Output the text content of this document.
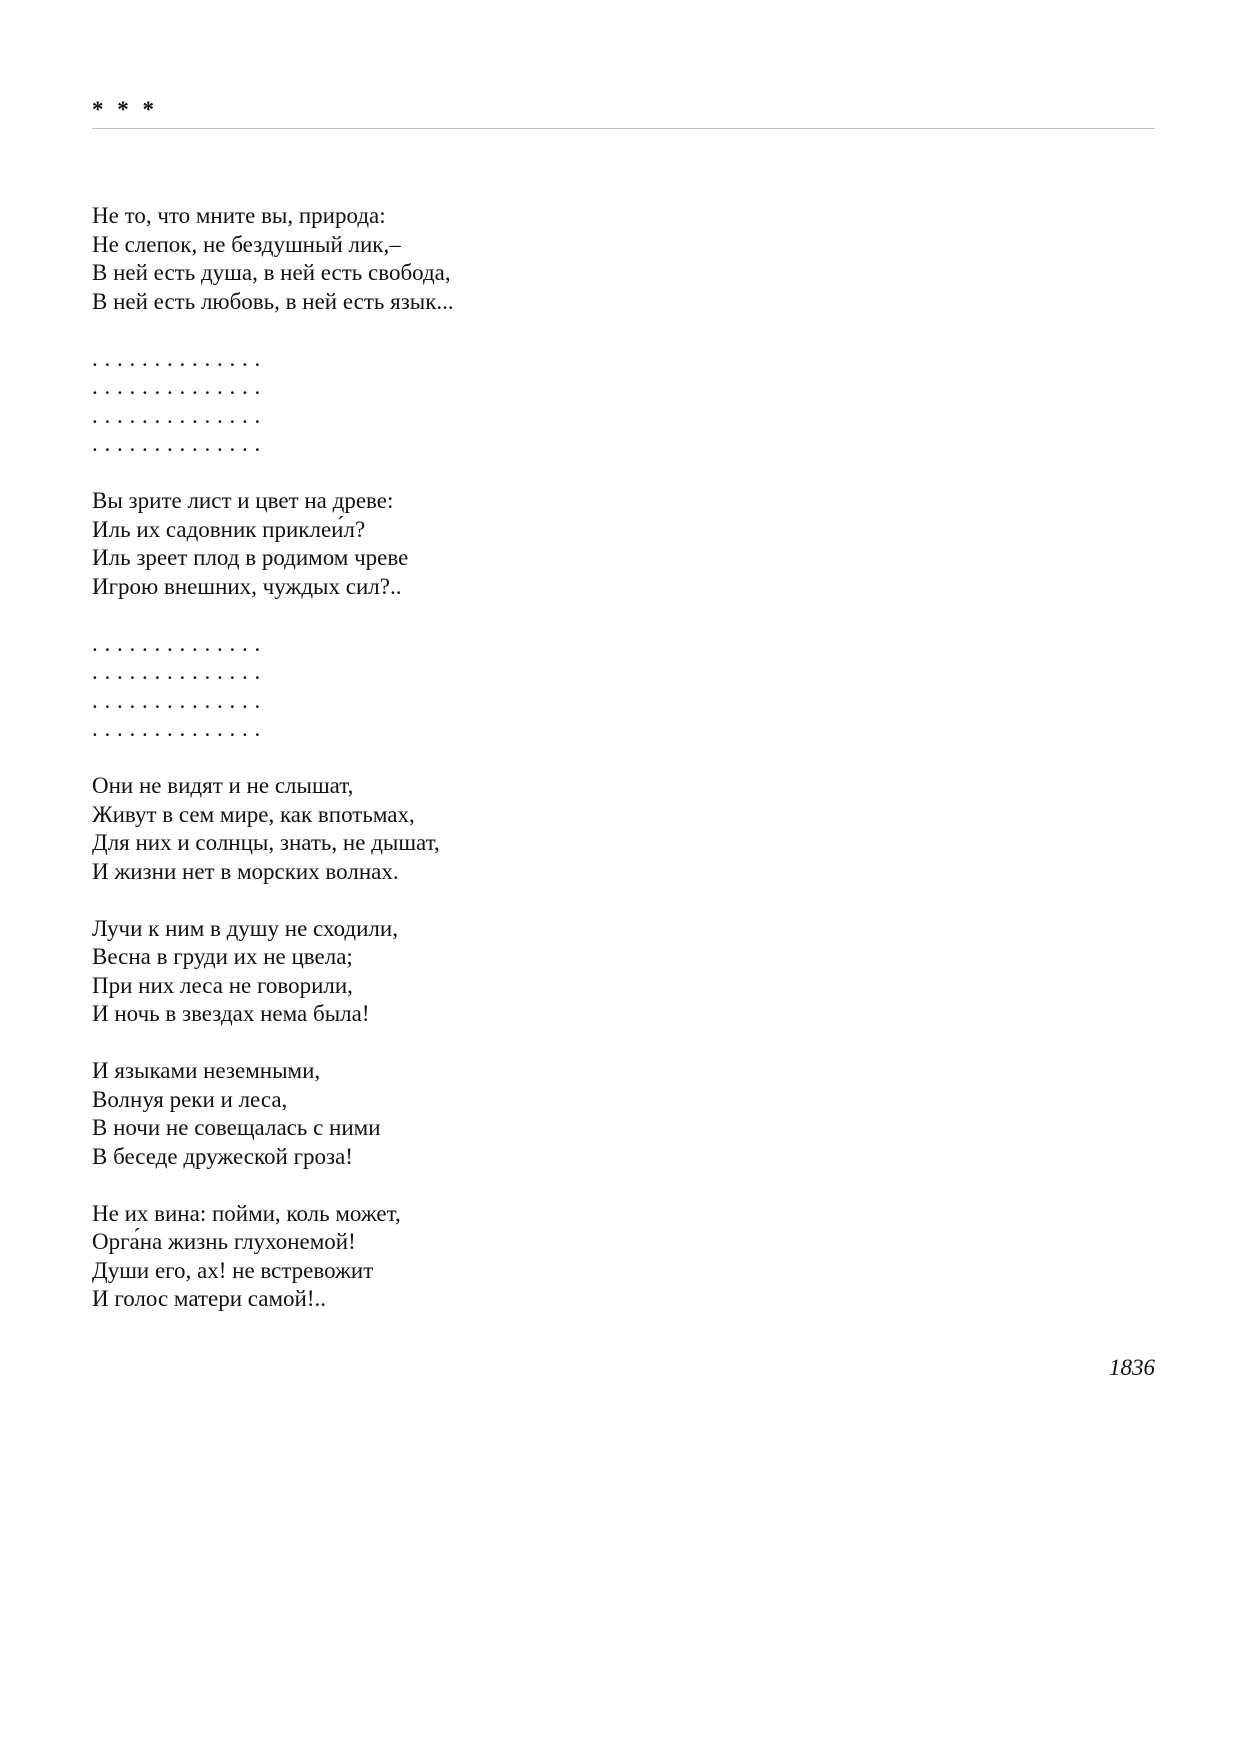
* * *
Не то, что мните вы, природа:
Не слепок, не бездушный лик,–
В ней есть душа, в ней есть свобода,
В ней есть любовь, в ней есть язык...
. . . . . . . . . . . . . .
. . . . . . . . . . . . . .
. . . . . . . . . . . . . .
. . . . . . . . . . . . . .
Вы зрите лист и цвет на древе:
Иль их садовник приклеи́л?
Иль зреет плод в родимом чреве
Игрою внешних, чуждых сил?..
. . . . . . . . . . . . . .
. . . . . . . . . . . . . .
. . . . . . . . . . . . . .
. . . . . . . . . . . . . .
Они не видят и не слышат,
Живут в сем мире, как впотьмах,
Для них и солнцы, знать, не дышат,
И жизни нет в морских волнах.
Лучи к ним в душу не сходили,
Весна в груди их не цвела;
При них леса не говорили,
И ночь в звездах нема была!
И языками неземными,
Волнуя реки и леса,
В ночи не совещалась с ними
В беседе дружеской гроза!
Не их вина: пойми, коль может,
Орга́на жизнь глухонемой!
Души его, ах! не встревожит
И голос матери самой!..
1836
